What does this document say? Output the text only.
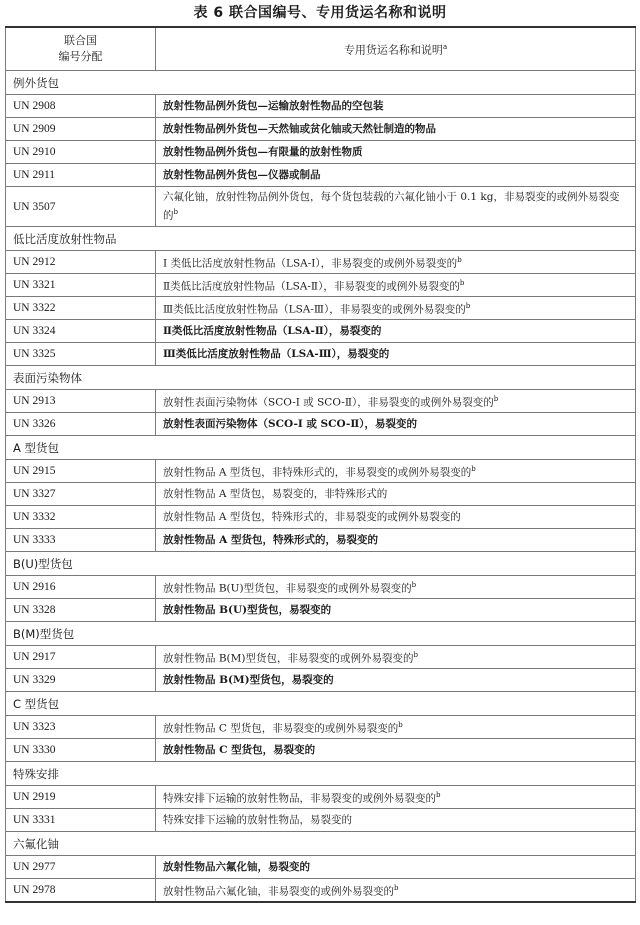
表 6 联合国编号、专用货运名称和说明
联合国
编号分配	专用货运名称和说明$^a$
例外货包	
UN 2908	放射性物品例外货包—运输放射性物品的空包装
UN 2909	放射性物品例外货包—天然铀或贫化铀或天然钍制造的物品
UN 2910	放射性物品例外货包—有限量的放射性物质
UN 2911	放射性物品例外货包—仪器或制品
UN 3507	六氟化铀，放射性物品例外货包，每个货包装载的六氟化铀小于 0.1 kg，非易裂变的或例外易裂变的$^b$
低比活度放射性物品	
UN 2912	I 类低比活度放射性物品（LSA-I），非易裂变的或例外易裂变的$^b$
UN 3321	Ⅱ类低比活度放射性物品（LSA-Ⅱ），非易裂变的或例外易裂变的$^b$
UN 3322	Ⅲ类低比活度放射性物品（LSA-Ⅲ），非易裂变的或例外易裂变的$^b$
UN 3324	Ⅱ类低比活度放射性物品（LSA-Ⅱ），易裂变的
UN 3325	Ⅲ类低比活度放射性物品（LSA-Ⅲ），易裂变的
表面污染物体	
UN 2913	放射性表面污染物体（SCO-I 或 SCO-Ⅱ），非易裂变的或例外易裂变的$^b$
UN 3326	放射性表面污染物体（SCO-I 或 SCO-Ⅱ），易裂变的
A 型货包	
UN 2915	放射性物品 A 型货包，非特殊形式的，非易裂变的或例外易裂变的$^b$
UN 3327	放射性物品 A 型货包，易裂变的，非特殊形式的
UN 3332	放射性物品 A 型货包，特殊形式的，非易裂变的或例外易裂变的
UN 3333	放射性物品 A 型货包，特殊形式的，易裂变的
B(U)型货包	
UN 2916	放射性物品 B(U)型货包，非易裂变的或例外易裂变的$^b$
UN 3328	放射性物品 B(U)型货包，易裂变的
B(M)型货包	
UN 2917	放射性物品 B(M)型货包，非易裂变的或例外易裂变的$^b$
UN 3329	放射性物品 B(M)型货包，易裂变的
C 型货包	
UN 3323	放射性物品 C 型货包，非易裂变的或例外易裂变的$^b$
UN 3330	放射性物品 C 型货包，易裂变的
特殊安排	
UN 2919	特殊安排下运输的放射性物品，非易裂变的或例外易裂变的$^b$
UN 3331	特殊安排下运输的放射性物品，易裂变的
六氟化铀	
UN 2977	放射性物品六氟化铀，易裂变的
UN 2978	放射性物品六氟化铀，非易裂变的或例外易裂变的$^b$
